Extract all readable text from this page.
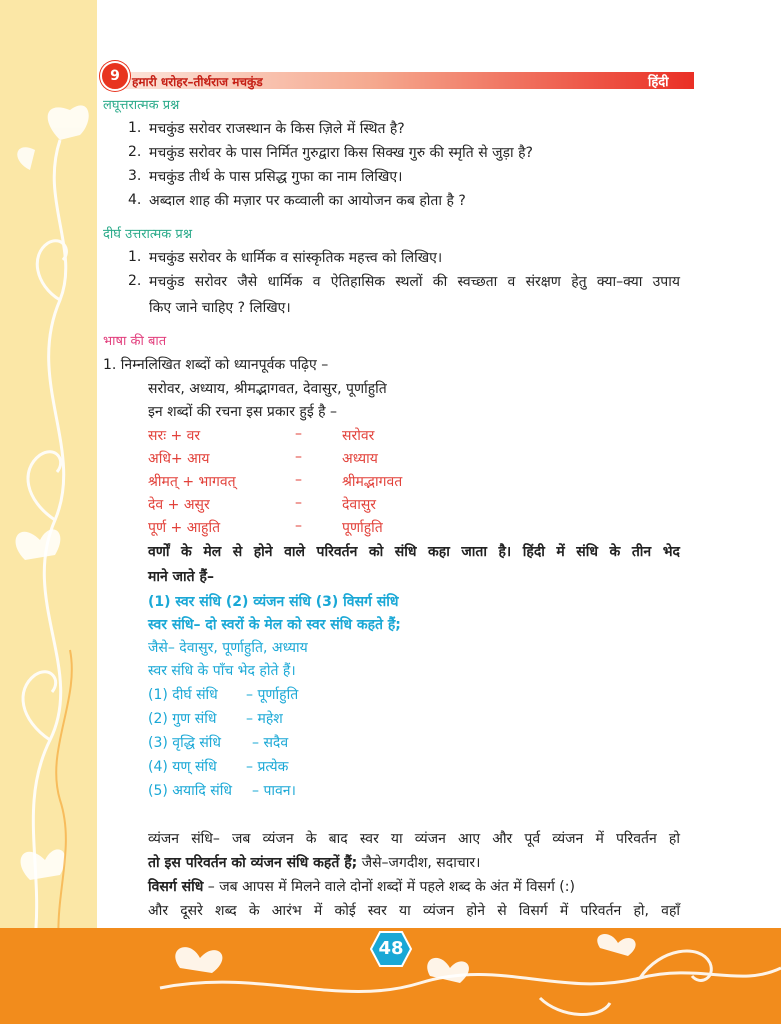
9	हमारी धरोहर–तीर्थराज मचकुंड	हिंदी
लघूत्तरात्मक प्रश्न
1. मचकुंड सरोवर राजस्थान के किस ज़िले में स्थित है?
2. मचकुंड सरोवर के पास निर्मित गुरुद्वारा किस सिक्ख गुरु की स्मृति से जुड़ा है?
3. मचकुंड तीर्थ के पास प्रसिद्ध गुफा का नाम लिखिए।
4. अब्दाल शाह की मज़ार पर कव्वाली का आयोजन कब होता है ?
दीर्घ उत्तरात्मक प्रश्न
1. मचकुंड सरोवर के धार्मिक व सांस्कृतिक महत्त्व को लिखिए।
2. मचकुंड सरोवर जैसे धार्मिक व ऐतिहासिक स्थलों की स्वच्छता व संरक्षण हेतु क्या–क्या उपाय
किए जाने चाहिए ? लिखिए।
भाषा की बात
1. निम्नलिखित शब्दों को ध्यानपूर्वक पढ़िए –
सरोवर, अध्याय, श्रीमद्भागवत, देवासुर, पूर्णाहुति
इन शब्दों की रचना इस प्रकार हुई है –
सरः + वर	–	सरोवर
अधि+ आय	–	अध्याय
श्रीमत् + भागवत्	–	श्रीमद्भागवत
देव + असुर	–	देवासुर
पूर्ण + आहुति	–	पूर्णाहुति
वर्णों के मेल से होने वाले परिवर्तन को संधि कहा जाता है। हिंदी में संधि के तीन भेद
माने जाते हैं–
(1) स्वर संधि (2) व्यंजन संधि (3) विसर्ग संधि
स्वर संधि– दो स्वरों के मेल को स्वर संधि कहते हैं;
जैसे– देवासुर, पूर्णाहुति, अध्याय
स्वर संधि के पाँच भेद होते हैं।
(1) दीर्घ संधि – पूर्णाहुति
(2) गुण संधि – महेश
(3) वृद्धि संधि – सदैव
(4) यण् संधि – प्रत्येक
(5) अयादि संधि – पावन।
व्यंजन संधि– जब व्यंजन के बाद स्वर या व्यंजन आए और पूर्व व्यंजन में परिवर्तन हो
तो इस परिवर्तन को व्यंजन संधि कहतें हैं; जैसे–जगदीश, सदाचार।
विसर्ग संधि – जब आपस में मिलने वाले दोनों शब्दों में पहले शब्द के अंत में विसर्ग (:)
और दूसरे शब्द के आरंभ में कोई स्वर या व्यंजन होने से विसर्ग में परिवर्तन हो, वहाँ
48
